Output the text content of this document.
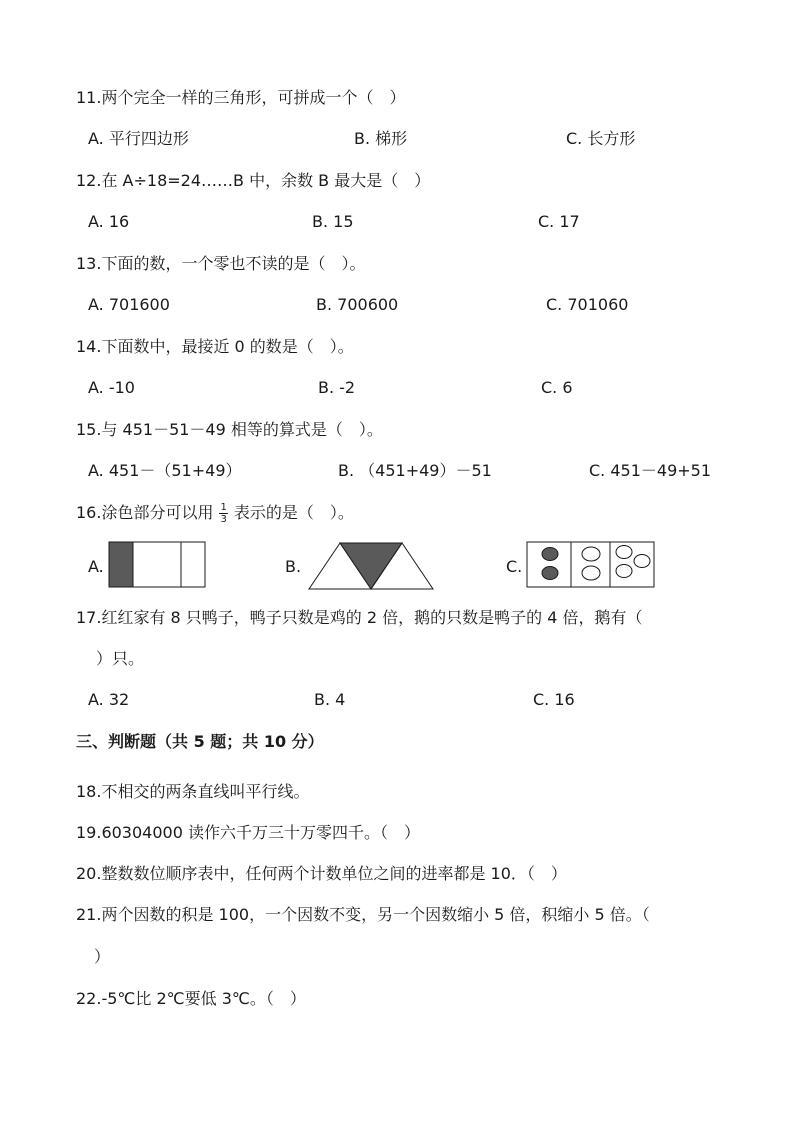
11.两个完全一样的三角形，可拼成一个（　）
A. 平行四边形	B. 梯形	C. 长方形
12.在 A÷18=24……B 中，余数 B 最大是（　）
A. 16	B. 15	C. 17
13.下面的数，一个零也不读的是（　）。
A. 701600	B. 700600	C. 701060
14.下面数中，最接近 0 的数是（　）。
A. -10	B. -2	C. 6
15.与 451－51－49 相等的算式是（　）。
A. 451－（51+49）	B. （451+49）－51	C. 451－49+51
16.涂色部分可以用 $\frac{1}{3}$ 表示的是（　）。
A.	B.	C.
17.红红家有 8 只鸭子，鸭子只数是鸡的 2 倍，鹅的只数是鸭子的 4 倍，鹅有（
）只。
A. 32	B. 4	C. 16
三、判断题（共 5 题；共 10 分）
18.不相交的两条直线叫平行线。
19.60304000 读作六千万三十万零四千。（　）
20.整数数位顺序表中，任何两个计数单位之间的进率都是 10．（　）
21.两个因数的积是 100，一个因数不变，另一个因数缩小 5 倍，积缩小 5 倍。（
）
22.-5℃比 2℃要低 3℃。（　）
